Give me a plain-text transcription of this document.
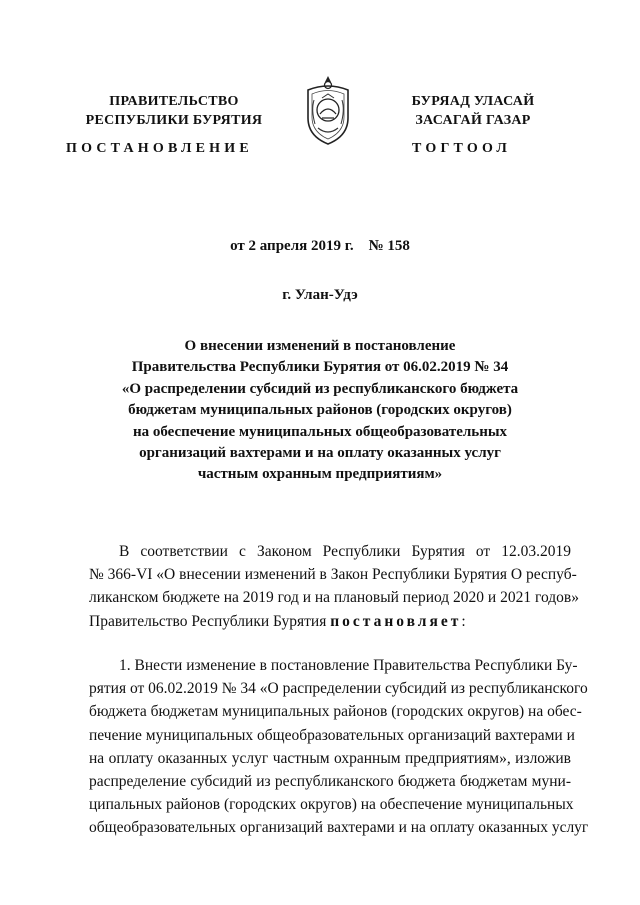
ПРАВИТЕЛЬСТВО
РЕСПУБЛИКИ БУРЯТИЯ
ПОСТАНОВЛЕНИЕ
БУРЯАД УЛАСАЙ
ЗАСАГАЙ ГАЗАР
ТОГТООЛ
от 2 апреля 2019 г.    № 158
г. Улан-Удэ
О внесении изменений в постановление
Правительства Республики Бурятия от 06.02.2019 № 34
«О распределении субсидий из республиканского бюджета
бюджетам муниципальных районов (городских округов)
на обеспечение муниципальных общеобразовательных
организаций вахтерами и на оплату оказанных услуг
частным охранным предприятиям»
В соответствии с Законом Республики Бурятия от 12.03.2019
№ 366-VI «О внесении изменений в Закон Республики Бурятия О респуб-
ликанском бюджете на 2019 год и на плановый период 2020 и 2021 годов»
Правительство Республики Бурятия постановляет:
1. Внести изменение в постановление Правительства Республики Бу-
рятия от 06.02.2019 № 34 «О распределении субсидий из республиканского
бюджета бюджетам муниципальных районов (городских округов) на обес-
печение муниципальных общеобразовательных организаций вахтерами и
на оплату оказанных услуг частным охранным предприятиям», изложив
распределение субсидий из республиканского бюджета бюджетам муни-
ципальных районов (городских округов) на обеспечение муниципальных
общеобразовательных организаций вахтерами и на оплату оказанных услуг
